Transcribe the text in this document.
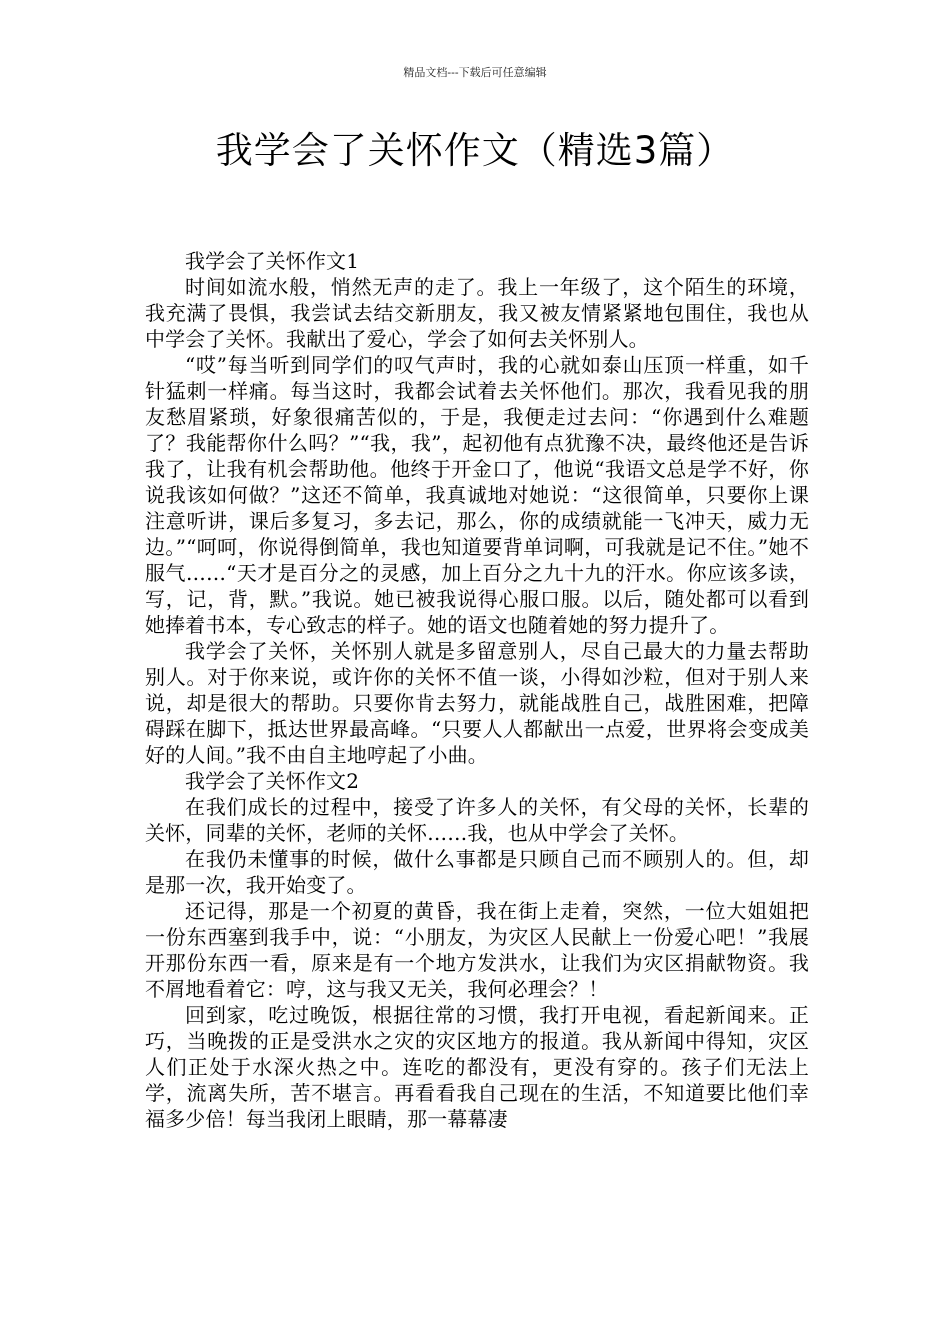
精品文档---下载后可任意编辑
我学会了关怀作文（精选3篇）

我学会了关怀作文1

时间如流水般，悄然无声的走了。我上一年级了，这个陌生的环境，我充满了畏惧，我尝试去结交新朋友，我又被友情紧紧地包围住，我也从中学会了关怀。我献出了爱心，学会了如何去关怀别人。

“哎”每当听到同学们的叹气声时，我的心就如泰山压顶一样重，如千针猛刺一样痛。每当这时，我都会试着去关怀他们。那次，我看见我的朋友愁眉紧琐，好象很痛苦似的，于是，我便走过去问：“你遇到什么难题了？我能帮你什么吗？”“我，我”，起初他有点犹豫不决，最终他还是告诉我了，让我有机会帮助他。他终于开金口了，他说“我语文总是学不好，你说我该如何做？”这还不简单，我真诚地对她说：“这很简单，只要你上课注意听讲，课后多复习，多去记，那么，你的成绩就能一飞冲天，威力无边。”“呵呵，你说得倒简单，我也知道要背单词啊，可我就是记不住。”她不服气……“天才是百分之的灵感，加上百分之九十九的汗水。你应该多读，写，记，背，默。”我说。她已被我说得心服口服。以后，随处都可以看到她捧着书本，专心致志的样子。她的语文也随着她的努力提升了。

我学会了关怀，关怀别人就是多留意别人，尽自己最大的力量去帮助别人。对于你来说，或许你的关怀不值一谈，小得如沙粒，但对于别人来说，却是很大的帮助。只要你肯去努力，就能战胜自己，战胜困难，把障碍踩在脚下，抵达世界最高峰。“只要人人都献出一点爱，世界将会变成美好的人间。”我不由自主地哼起了小曲。

我学会了关怀作文2

在我们成长的过程中，接受了许多人的关怀，有父母的关怀，长辈的关怀，同辈的关怀，老师的关怀……我，也从中学会了关怀。

在我仍未懂事的时候，做什么事都是只顾自己而不顾别人的。但，却是那一次，我开始变了。

还记得，那是一个初夏的黄昏，我在街上走着，突然，一位大姐姐把一份东西塞到我手中，说：“小朋友，为灾区人民献上一份爱心吧！”我展开那份东西一看，原来是有一个地方发洪水，让我们为灾区捐献物资。我不屑地看着它：哼，这与我又无关，我何必理会？！

回到家，吃过晚饭，根据往常的习惯，我打开电视，看起新闻来。正巧，当晚拨的正是受洪水之灾的灾区地方的报道。我从新闻中得知，灾区人们正处于水深火热之中。连吃的都没有，更没有穿的。孩子们无法上学，流离失所，苦不堪言。再看看我自己现在的生活，不知道要比他们幸福多少倍！每当我闭上眼睛，那一幕幕凄
